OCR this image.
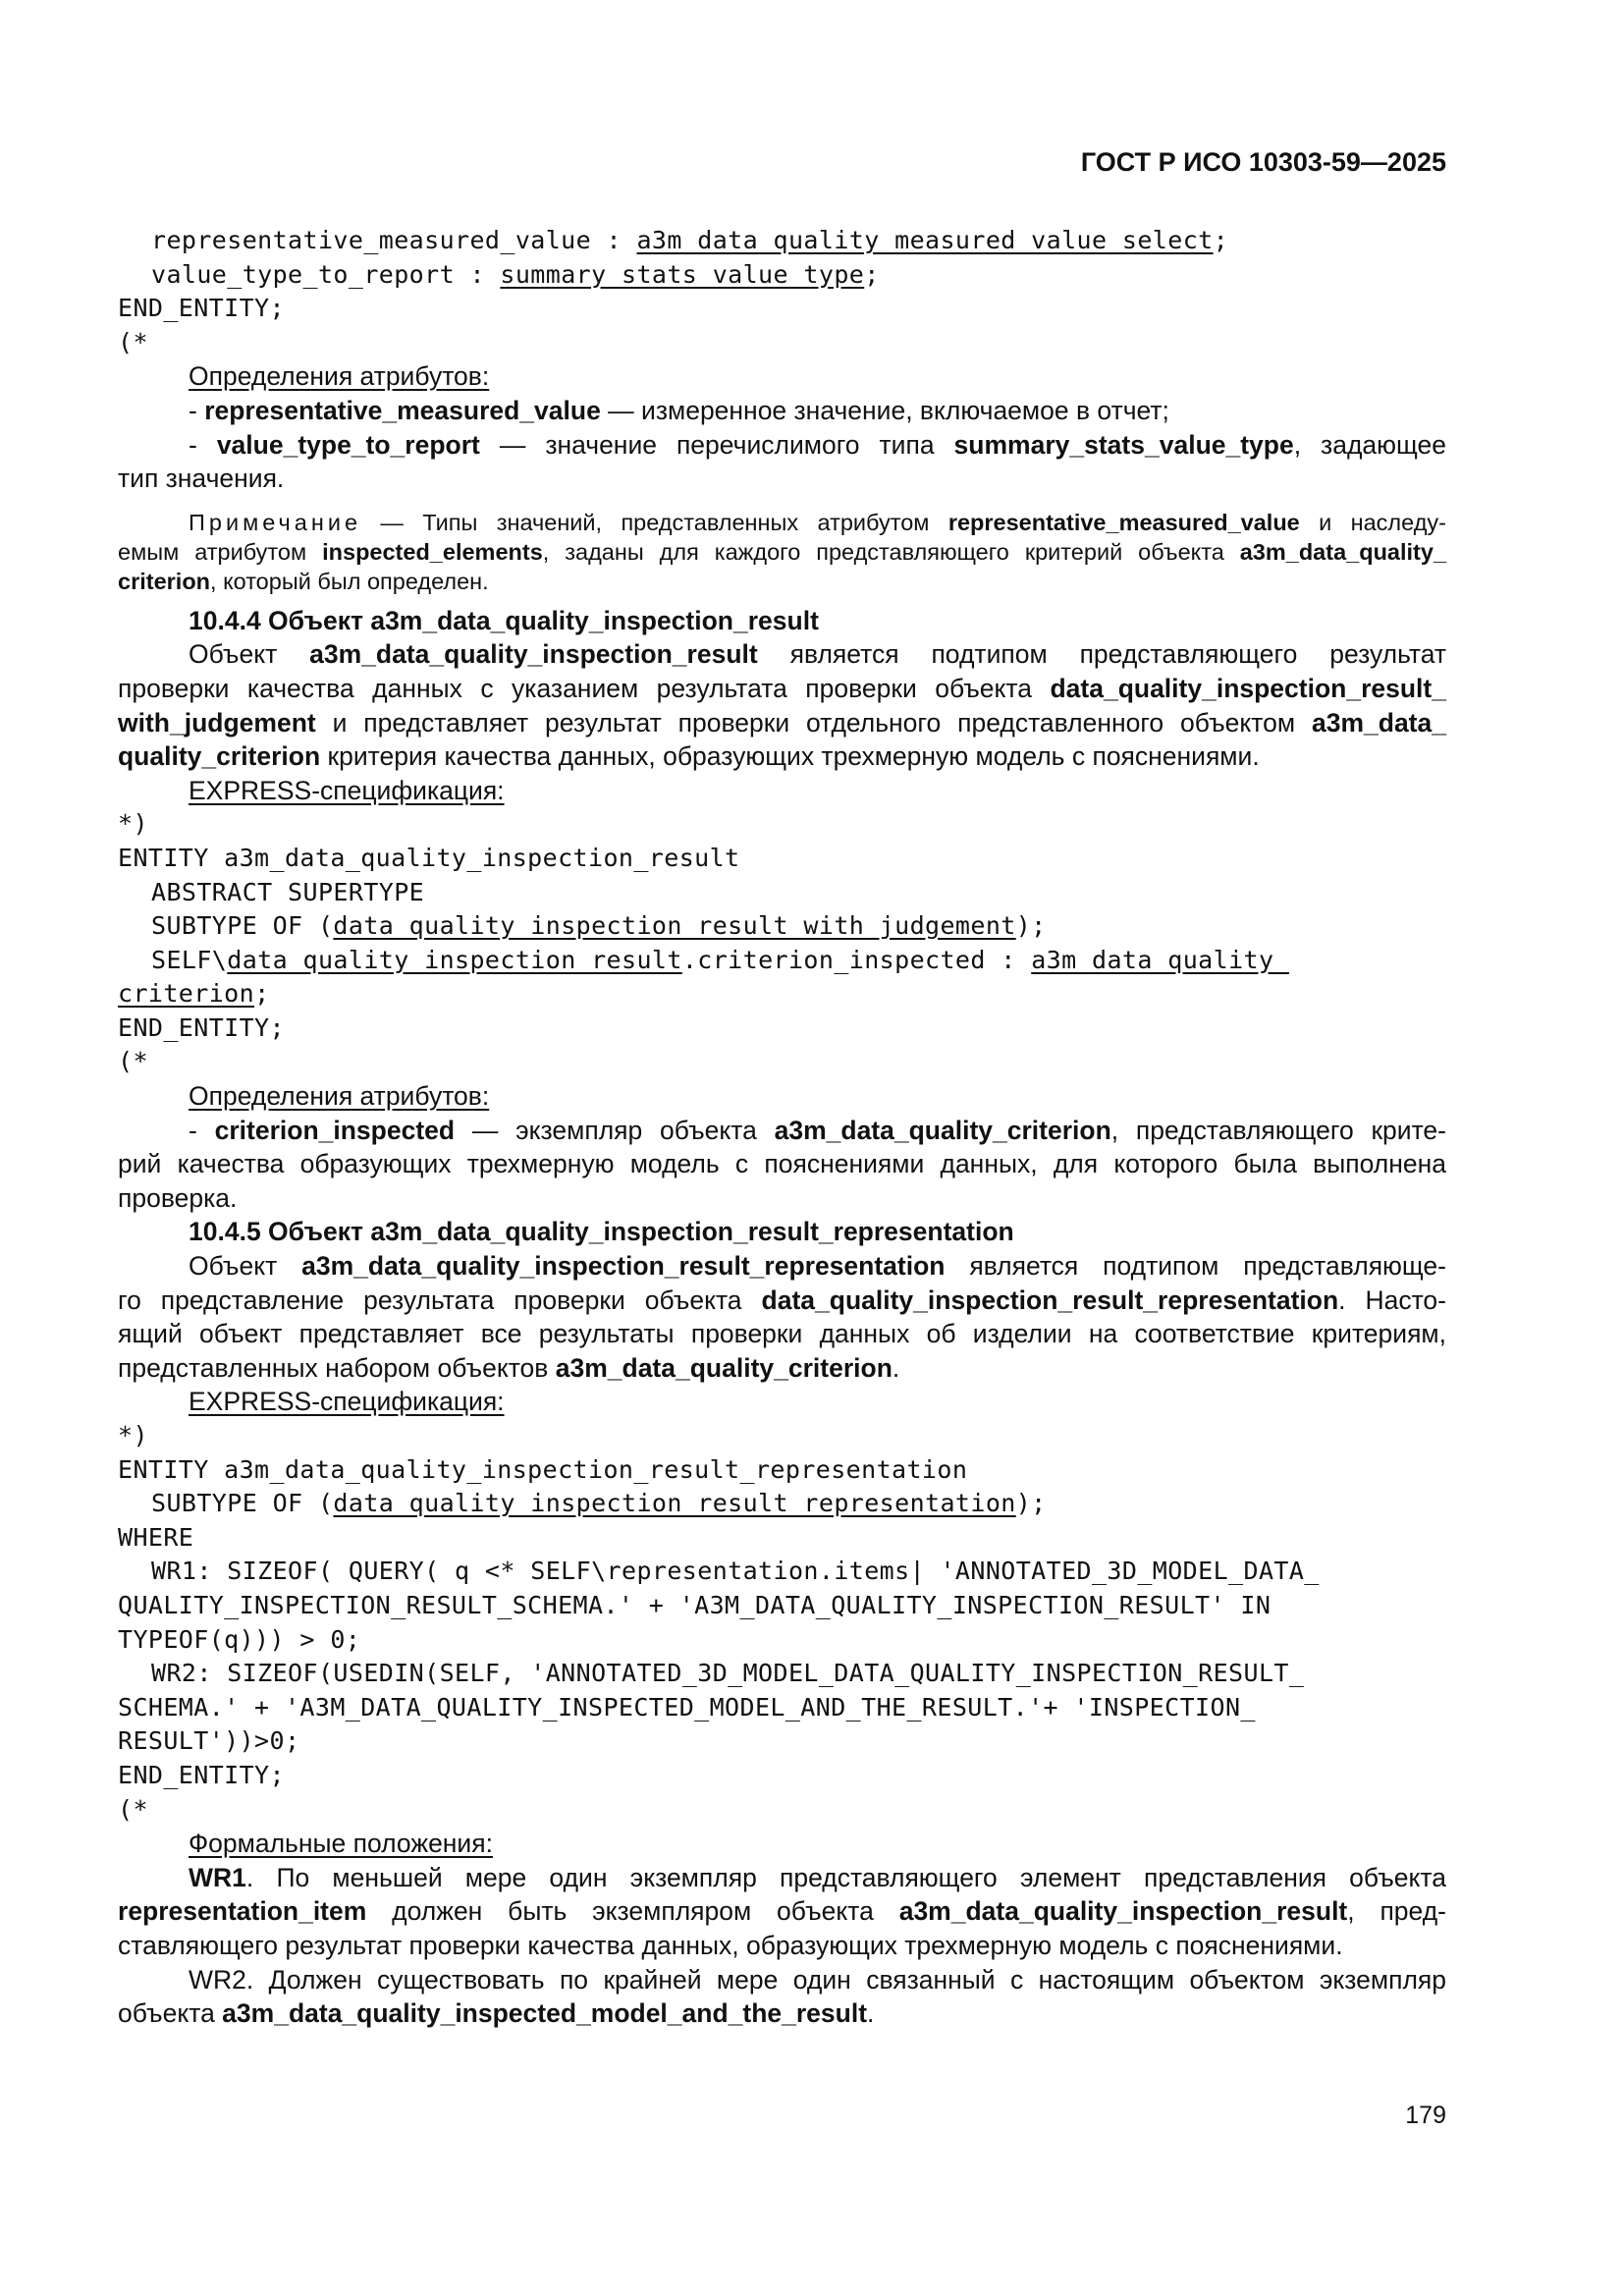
ГОСТ Р ИСО 10303-59—2025
representative_measured_value : a3m_data_quality_measured_value_select;
value_type_to_report : summary_stats_value_type;
END_ENTITY;
(*
Определения атрибутов:
- representative_measured_value — измеренное значение, включаемое в отчет;
- value_type_to_report — значение перечислимого типа summary_stats_value_type, задающее
тип значения.
Примечание — Типы значений, представленных атрибутом representative_measured_value и наследу-
емым атрибутом inspected_elements, заданы для каждого представляющего критерий объекта a3m_data_quality_
criterion, который был определен.
10.4.4 Объект a3m_data_quality_inspection_result
Объект a3m_data_quality_inspection_result является подтипом представляющего результат
проверки качества данных с указанием результата проверки объекта data_quality_inspection_result_
with_judgement и представляет результат проверки отдельного представленного объектом a3m_data_
quality_criterion критерия качества данных, образующих трехмерную модель с пояснениями.
EXPRESS-спецификация:
*)
ENTITY a3m_data_quality_inspection_result
ABSTRACT SUPERTYPE
SUBTYPE OF (data_quality_inspection_result_with_judgement);
SELF\data_quality_inspection_result.criterion_inspected : a3m_data_quality_
criterion;
END_ENTITY;
(*
Определения атрибутов:
- criterion_inspected — экземпляр объекта a3m_data_quality_criterion, представляющего крите-
рий качества образующих трехмерную модель с пояснениями данных, для которого была выполнена
проверка.
10.4.5 Объект a3m_data_quality_inspection_result_representation
Объект a3m_data_quality_inspection_result_representation является подтипом представляюще-
го представление результата проверки объекта data_quality_inspection_result_representation. Насто-
ящий объект представляет все результаты проверки данных об изделии на соответствие критериям,
представленных набором объектов a3m_data_quality_criterion.
EXPRESS-спецификация:
*)
ENTITY a3m_data_quality_inspection_result_representation
SUBTYPE OF (data_quality_inspection_result_representation);
WHERE
WR1: SIZEOF( QUERY( q <* SELF\representation.items| 'ANNOTATED_3D_MODEL_DATA_
QUALITY_INSPECTION_RESULT_SCHEMA.' + 'A3M_DATA_QUALITY_INSPECTION_RESULT' IN
TYPEOF(q))) > 0;
WR2: SIZEOF(USEDIN(SELF, 'ANNOTATED_3D_MODEL_DATA_QUALITY_INSPECTION_RESULT_
SCHEMA.' + 'A3M_DATA_QUALITY_INSPECTED_MODEL_AND_THE_RESULT.'+ 'INSPECTION_
RESULT'))>0;
END_ENTITY;
(*
Формальные положения:
WR1. По меньшей мере один экземпляр представляющего элемент представления объекта
representation_item должен быть экземпляром объекта a3m_data_quality_inspection_result, пред-
ставляющего результат проверки качества данных, образующих трехмерную модель с пояснениями.
WR2. Должен существовать по крайней мере один связанный с настоящим объектом экземпляр
объекта a3m_data_quality_inspected_model_and_the_result.
179
